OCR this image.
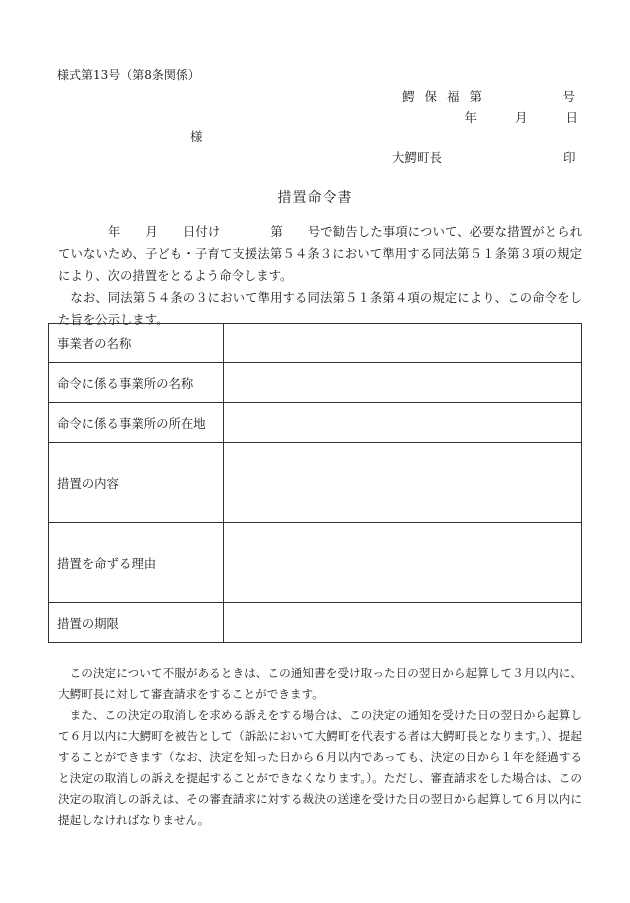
様式第13号（第8条関係）
鰐 保 福 第　　　　　号
年	月	日
様
大鰐町長	印
措置命令書

　　　　年　　月　　日付け　　　　第　　号で勧告した事項について、必要な措置がとられていないため、子ども・子育て支援法第５４条３において準用する同法第５１条第３項の規定により、次の措置をとるよう命令します。

なお、同法第５４条の３において準用する同法第５１条第４項の規定により、この命令をした旨を公示します。

事業者の名称	
命令に係る事業所の名称	
命令に係る事業所の所在地	
措置の内容	
措置を命ずる理由	
措置の期限	

この決定について不服があるときは、この通知書を受け取った日の翌日から起算して３月以内に、大鰐町長に対して審査請求をすることができます。

また、この決定の取消しを求める訴えをする場合は、この決定の通知を受けた日の翌日から起算して６月以内に大鰐町を被告として（訴訟において大鰐町を代表する者は大鰐町長となります。）、提起することができます（なお、決定を知った日から６月以内であっても、決定の日から１年を経過すると決定の取消しの訴えを提起することができなくなります。）。ただし、審査請求をした場合は、この決定の取消しの訴えは、その審査請求に対する裁決の送達を受けた日の翌日から起算して６月以内に提起しなければなりません。
